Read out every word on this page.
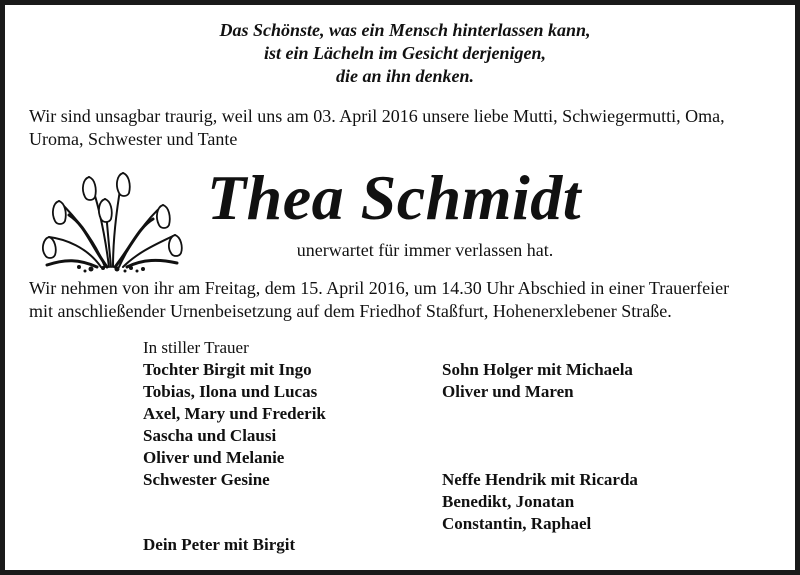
Das Schönste, was ein Mensch hinterlassen kann,
ist ein Lächeln im Gesicht derjenigen,
die an ihn denken.
Wir sind unsagbar traurig, weil uns am 03. April 2016 unsere liebe Mutti, Schwiegermutti, Oma,
Uroma, Schwester und Tante
Thea Schmidt
unerwartet für immer verlassen hat.
Wir nehmen von ihr am Freitag, dem 15. April 2016, um 14.30 Uhr Abschied in einer Trauerfeier
mit anschließender Urnenbeisetzung auf dem Friedhof Staßfurt, Hohenerxlebener Straße.
In stiller Trauer
Tochter Birgit mit Ingo
Tobias, Ilona und Lucas
Axel, Mary und Frederik
Sascha und Clausi
Oliver und Melanie
Schwester Gesine
Sohn Holger mit Michaela
Oliver und Maren
Neffe Hendrik mit Ricarda
Benedikt, Jonatan
Constantin, Raphael
Dein Peter mit Birgit
